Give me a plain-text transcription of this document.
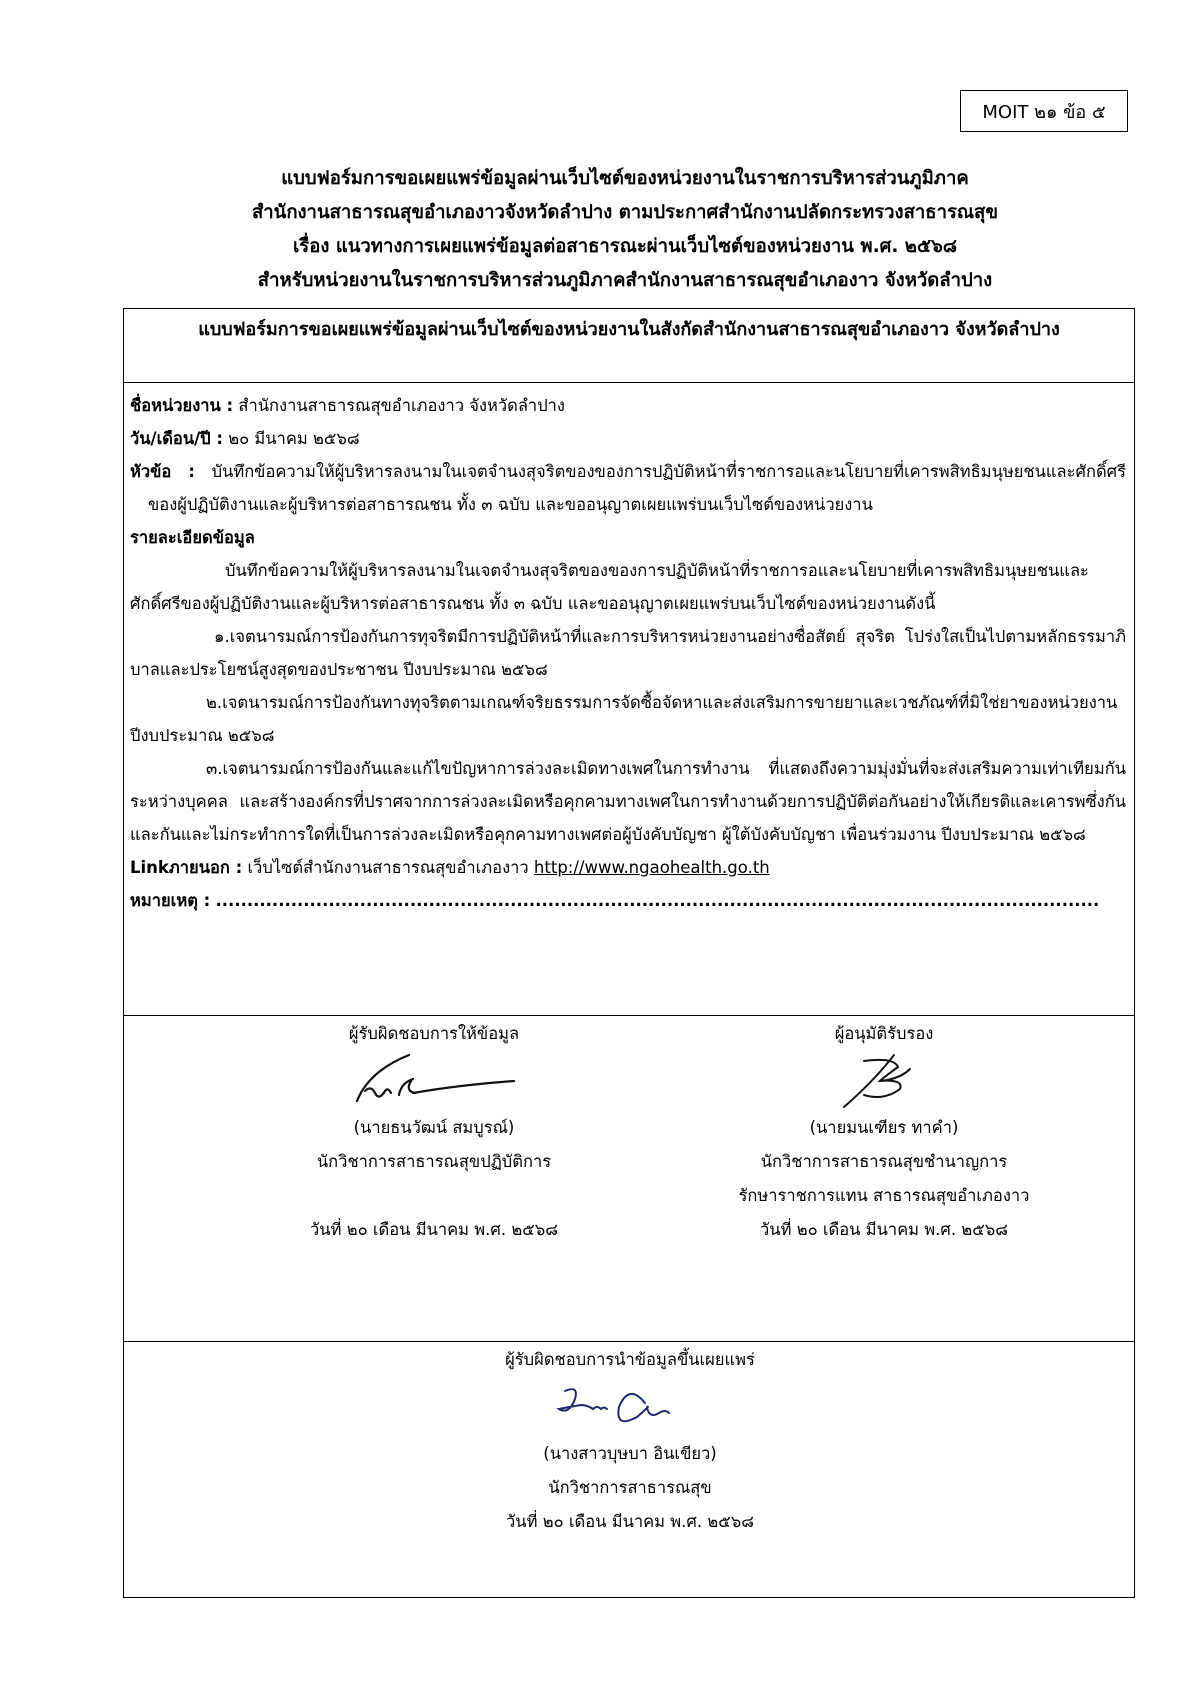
MOIT ๒๑ ข้อ ๕
แบบฟอร์มการขอเผยแพร่ข้อมูลผ่านเว็บไซต์ของหน่วยงานในราชการบริหารส่วนภูมิภาค
สำนักงานสาธารณสุขอำเภองาวจังหวัดลำปาง ตามประกาศสำนักงานปลัดกระทรวงสาธารณสุข
เรื่อง แนวทางการเผยแพร่ข้อมูลต่อสาธารณะผ่านเว็บไซต์ของหน่วยงาน พ.ศ. ๒๕๖๘
สำหรับหน่วยงานในราชการบริหารส่วนภูมิภาคสำนักงานสาธารณสุขอำเภองาว จังหวัดลำปาง
แบบฟอร์มการขอเผยแพร่ข้อมูลผ่านเว็บไซต์ของหน่วยงานในสังกัดสำนักงานสาธารณสุขอำเภองาว จังหวัดลำปาง
ชื่อหน่วยงาน : สำนักงานสาธารณสุขอำเภองาว จังหวัดลำปาง
วัน/เดือน/ปี : ๒๐ มีนาคม ๒๕๖๘
หัวข้อ : บันทึกข้อความให้ผู้บริหารลงนามในเจตจำนงสุจริตของของการปฏิบัติหน้าที่ราชการอและนโยบายที่เคารพสิทธิมนุษยชนและศักดิ์ศรีของผู้ปฏิบัติงานและผู้บริหารต่อสาธารณชน ทั้ง ๓ ฉบับ และขออนุญาตเผยแพร่บนเว็บไซต์ของหน่วยงาน
รายละเอียดข้อมูล
บันทึกข้อความให้ผู้บริหารลงนามในเจตจำนงสุจริตของของการปฏิบัติหน้าที่ราชการอและนโยบายที่เคารพสิทธิมนุษยชนและศักดิ์ศรีของผู้ปฏิบัติงานและผู้บริหารต่อสาธารณชน ทั้ง ๓ ฉบับ และขออนุญาตเผยแพร่บนเว็บไซต์ของหน่วยงานดังนี้
๑.เจตนารมณ์การป้องกันการทุจริตมีการปฏิบัติหน้าที่และการบริหารหน่วยงานอย่างซื่อสัตย์ สุจริต โปร่งใสเป็นไปตามหลักธรรมาภิบาลและประโยชน์สูงสุดของประชาชน ปีงบประมาณ ๒๕๖๘
๒.เจตนารมณ์การป้องกันทางทุจริตตามเกณฑ์จริยธรรมการจัดซื้อจัดหาและส่งเสริมการขายยาและเวชภัณฑ์ที่มิใช่ยาของหน่วยงาน ปีงบประมาณ ๒๕๖๘
๓.เจตนารมณ์การป้องกันและแก้ไขปัญหาการล่วงละเมิดทางเพศในการทำงาน ที่แสดงถึงความมุ่งมั่นที่จะส่งเสริมความเท่าเทียมกันระหว่างบุคคล และสร้างองค์กรที่ปราศจากการล่วงละเมิดหรือคุกคามทางเพศในการทำงานด้วยการปฏิบัติต่อกันอย่างให้เกียรติและเคารพซึ่งกันและกันและไม่กระทำการใดที่เป็นการล่วงละเมิดหรือคุกคามทางเพศต่อผู้บังคับบัญชา ผู้ใต้บังคับบัญชา เพื่อนร่วมงาน ปีงบประมาณ ๒๕๖๘
Linkภายนอก : เว็บไซต์สำนักงานสาธารณสุขอำเภองาว http://www.ngaohealth.go.th
หมายเหตุ : .............................................................................................................................................
ผู้รับผิดชอบการให้ข้อมูล
(นายธนวัฒน์ สมบูรณ์)
นักวิชาการสาธารณสุขปฏิบัติการ
วันที่ ๒๐ เดือน มีนาคม พ.ศ. ๒๕๖๘
ผู้อนุมัติรับรอง
(นายมนเฑียร ทาคำ)
นักวิชาการสาธารณสุขชำนาญการ
รักษาราชการแทน สาธารณสุขอำเภองาว
วันที่ ๒๐ เดือน มีนาคม พ.ศ. ๒๕๖๘
ผู้รับผิดชอบการนำข้อมูลขึ้นเผยแพร่
(นางสาวบุษบา อินเขียว)
นักวิชาการสาธารณสุข
วันที่ ๒๐ เดือน มีนาคม พ.ศ. ๒๕๖๘
